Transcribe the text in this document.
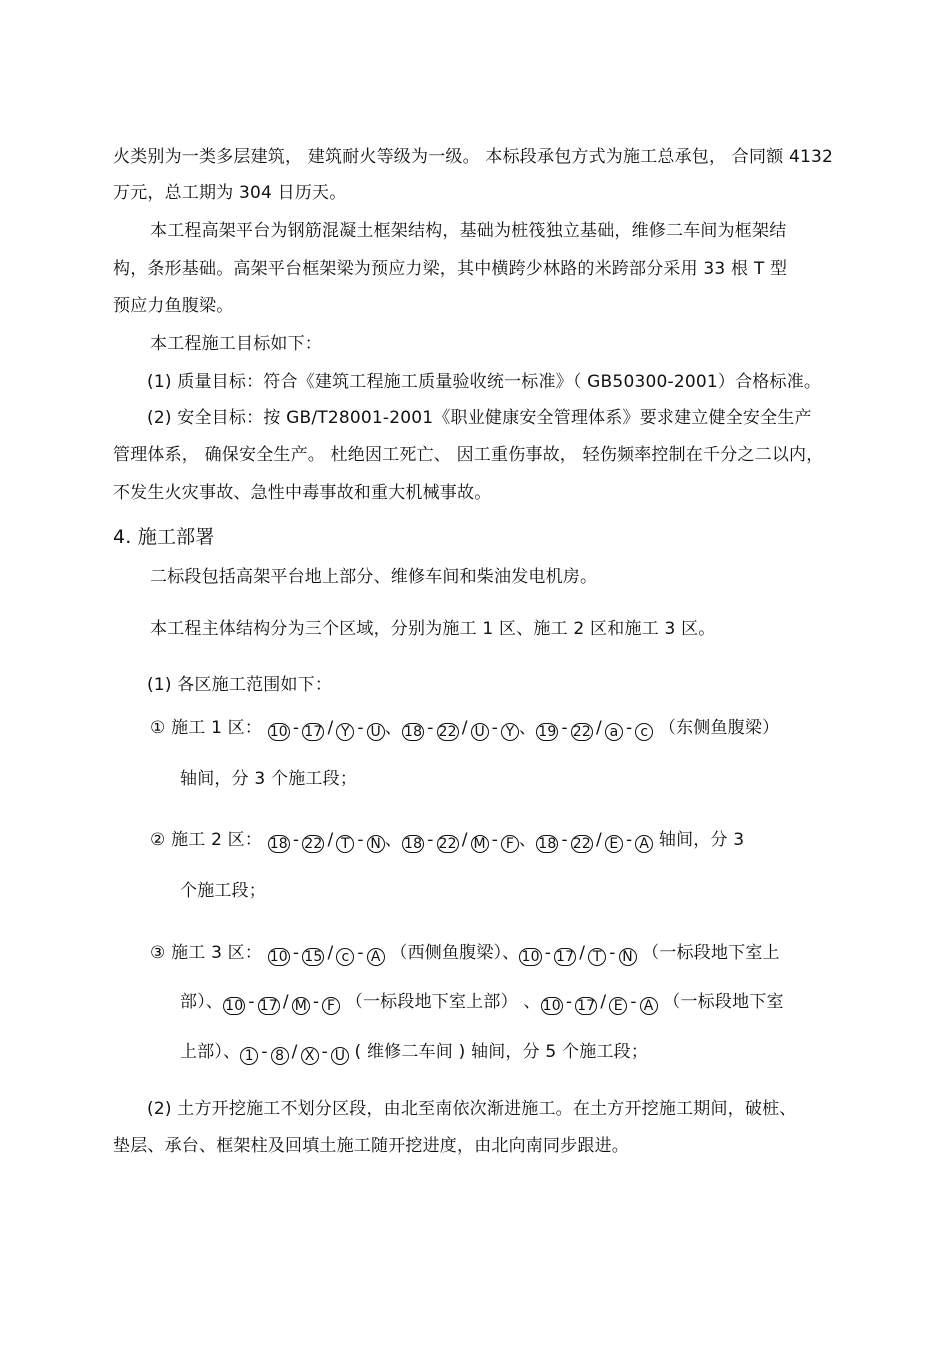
火类别为一类多层建筑， 建筑耐火等级为一级。 本标段承包方式为施工总承包， 合同额 4132
万元，总工期为 304 日历天。
本工程高架平台为钢筋混凝土框架结构，基础为桩筏独立基础，维修二车间为框架结
构，条形基础。高架平台框架梁为预应力梁，其中横跨少林路的米跨部分采用 33 根 T 型
预应力鱼腹梁。
本工程施工目标如下：
(1) 质量目标：符合《建筑工程施工质量验收统一标准》（ GB50300-2001）合格标准。
(2) 安全目标：按 GB/T28001-2001《职业健康安全管理体系》要求建立健全安全生产
管理体系， 确保安全生产。 杜绝因工死亡、 因工重伤事故， 轻伤频率控制在千分之二以内，
不发生火灾事故、急性中毒事故和重大机械事故。
4. 施工部署
二标段包括高架平台地上部分、维修车间和柴油发电机房。
本工程主体结构分为三个区域，分别为施工 1 区、施工 2 区和施工 3 区。
(1) 各区施工范围如下：
① 施工 1 区： 10 - 17 / Y - U 、 18 - 22 / U - Y 、 19 - 22 / a - c （东侧鱼腹梁）
轴间，分 3 个施工段；
② 施工 2 区： 18 - 22 / T - N 、 18 - 22 / M - F 、 18 - 22 / E - A 轴间，分 3
个施工段；
③ 施工 3 区： 10 - 15 / c - A （西侧鱼腹梁）、 10 - 17 / T - N （一标段地下室上
部）、 10 - 17 / M - F （一标段地下室上部） 、 10 - 17 / E - A （一标段地下室
上部）、 1 - 8 / X - U ( 维修二车间 ) 轴间，分 5 个施工段；
(2) 土方开挖施工不划分区段，由北至南依次渐进施工。在土方开挖施工期间，破桩、
垫层、承台、框架柱及回填土施工随开挖进度，由北向南同步跟进。
